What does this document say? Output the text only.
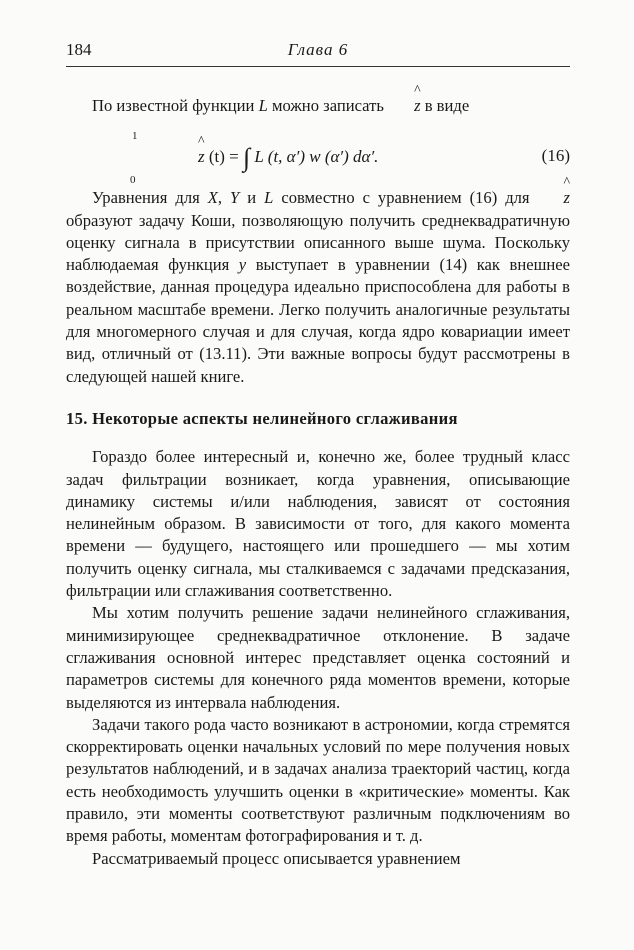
184	Глава 6

По известной функции L можно записать ^ z в виде

1
0
^ z (t) = ∫ L (t, α′) w (α′) dα′.	(16)

Уравнения для X, Y и L совместно с уравнением (16) для ^ z образуют задачу Коши, позволяющую получить среднеквадратичную оценку сигнала в присутствии описанного выше шума. Поскольку наблюдаемая функция y выступает в уравнении (14) как внешнее воздействие, данная процедура идеально приспособлена для работы в реальном масштабе времени. Легко получить аналогичные результаты для многомерного случая и для случая, когда ядро ковариации имеет вид, отличный от (13.11). Эти важные вопросы будут рассмотрены в следующей нашей книге.

15. Некоторые аспекты нелинейного сглаживания

Гораздо более интересный и, конечно же, более трудный класс задач фильтрации возникает, когда уравнения, описывающие динамику системы и/или наблюдения, зависят от состояния нелинейным образом. В зависимости от того, для какого момента времени — будущего, настоящего или прошедшего — мы хотим получить оценку сигнала, мы сталкиваемся с задачами предсказания, фильтрации или сглаживания соответственно.

Мы хотим получить решение задачи нелинейного сглаживания, минимизирующее среднеквадратичное отклонение. В задаче сглаживания основной интерес представляет оценка состояний и параметров системы для конечного ряда моментов времени, которые выделяются из интервала наблюдения.

Задачи такого рода часто возникают в астрономии, когда стремятся скорректировать оценки начальных условий по мере получения новых результатов наблюдений, и в задачах анализа траекторий частиц, когда есть необходимость улучшить оценки в «критические» моменты. Как правило, эти моменты соответствуют различным подключениям во время работы, моментам фотографирования и т. д.

Рассматриваемый процесс описывается уравнением
